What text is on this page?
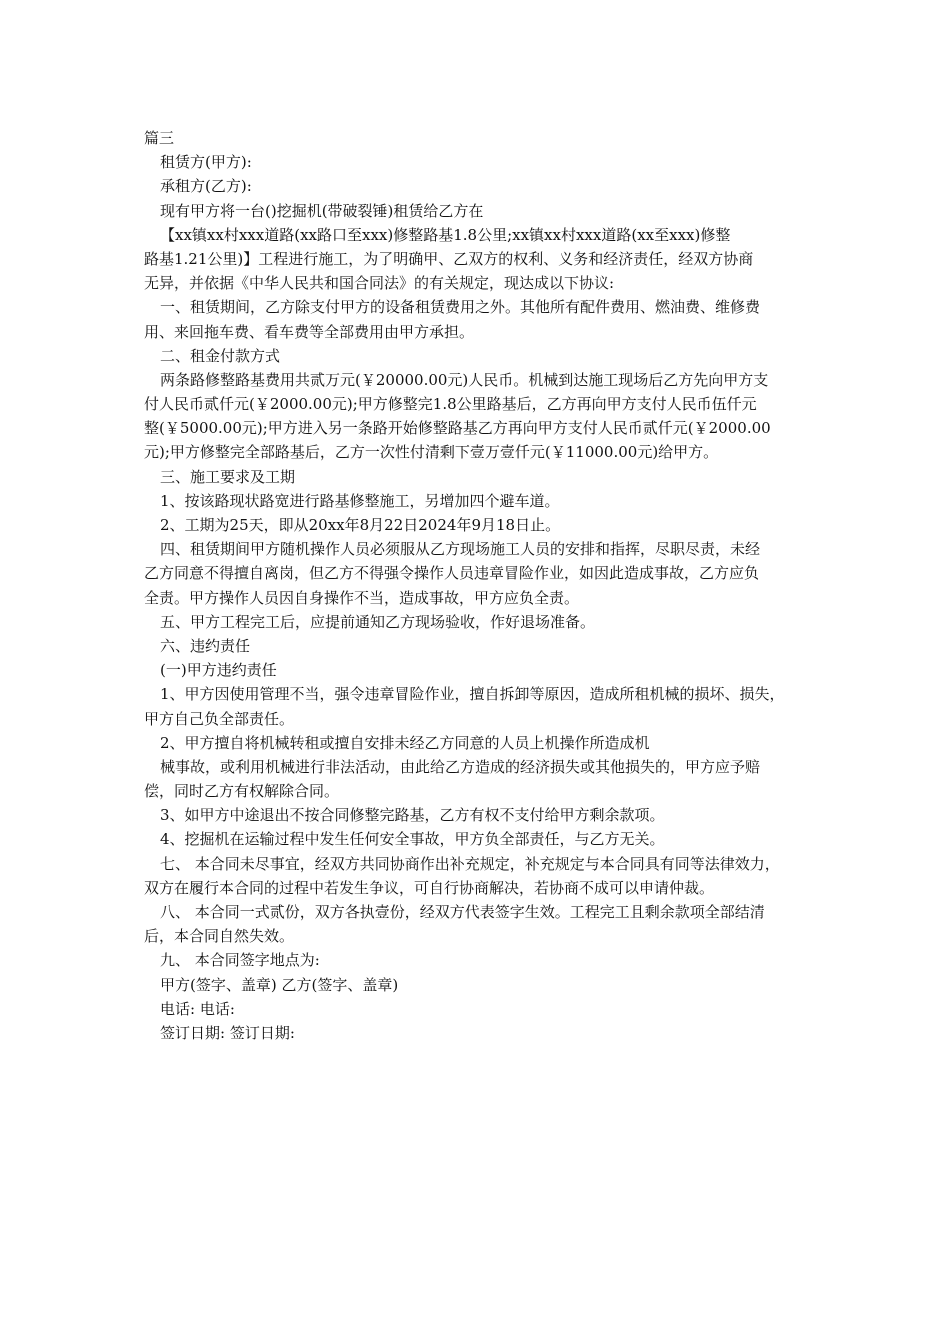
篇三
租赁方(甲方):
承租方(乙方):
现有甲方将一台()挖掘机(带破裂锤)租赁给乙方在
【xx镇xx村xxx道路(xx路口至xxx)修整路基1.8公里;xx镇xx村xxx道路(xx至xxx)修整
路基1.21公里)】工程进行施工，为了明确甲、乙双方的权利、义务和经济责任，经双方协商
无异，并依据《中华人民共和国合同法》的有关规定，现达成以下协议:
一、租赁期间，乙方除支付甲方的设备租赁费用之外。其他所有配件费用、燃油费、维修费
用、来回拖车费、看车费等全部费用由甲方承担。
二、租金付款方式
两条路修整路基费用共贰万元(￥20000.00元)人民币。机械到达施工现场后乙方先向甲方支
付人民币贰仟元(￥2000.00元);甲方修整完1.8公里路基后，乙方再向甲方支付人民币伍仟元
整(￥5000.00元);甲方进入另一条路开始修整路基乙方再向甲方支付人民币贰仟元(￥2000.00
元);甲方修整完全部路基后，乙方一次性付清剩下壹万壹仟元(￥11000.00元)给甲方。
三、施工要求及工期
1、按该路现状路宽进行路基修整施工，另增加四个避车道。
2、工期为25天，即从20xx年8月22日2024年9月18日止。
四、租赁期间甲方随机操作人员必须服从乙方现场施工人员的安排和指挥，尽职尽责，未经
乙方同意不得擅自离岗，但乙方不得强令操作人员违章冒险作业，如因此造成事故，乙方应负
全责。甲方操作人员因自身操作不当，造成事故，甲方应负全责。
五、甲方工程完工后，应提前通知乙方现场验收，作好退场准备。
六、违约责任
(一)甲方违约责任
1、甲方因使用管理不当，强令违章冒险作业，擅自拆卸等原因，造成所租机械的损坏、损失，
甲方自己负全部责任。
2、甲方擅自将机械转租或擅自安排未经乙方同意的人员上机操作所造成机
械事故，或利用机械进行非法活动，由此给乙方造成的经济损失或其他损失的，甲方应予赔
偿，同时乙方有权解除合同。
3、如甲方中途退出不按合同修整完路基，乙方有权不支付给甲方剩余款项。
4、挖掘机在运输过程中发生任何安全事故，甲方负全部责任，与乙方无关。
七、 本合同未尽事宜，经双方共同协商作出补充规定，补充规定与本合同具有同等法律效力，
双方在履行本合同的过程中若发生争议，可自行协商解决，若协商不成可以申请仲裁。
八、 本合同一式贰份，双方各执壹份，经双方代表签字生效。工程完工且剩余款项全部结清
后，本合同自然失效。
九、 本合同签字地点为:
甲方(签字、盖章) 乙方(签字、盖章)
电话: 电话:
签订日期: 签订日期:
